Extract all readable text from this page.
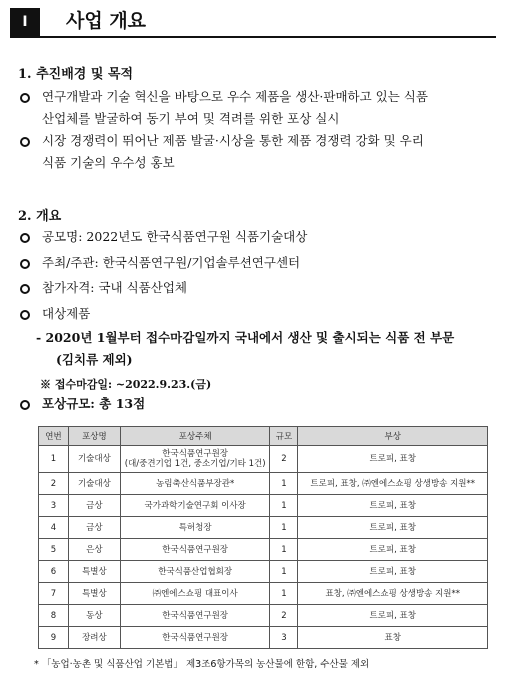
Ⅰ	사업 개요
1. 추진배경 및 목적
연구개발과 기술 혁신을 바탕으로 우수 제품을 생산·판매하고 있는 식품
산업체를 발굴하여 동기 부여 및 격려를 위한 포상 실시
시장 경쟁력이 뛰어난 제품 발굴·시상을 통한 제품 경쟁력 강화 및 우리
식품 기술의 우수성 홍보
2. 개요
공모명: 2022년도 한국식품연구원 식품기술대상
주최/주관: 한국식품연구원/기업솔루션연구센터
참가자격: 국내 식품산업체
대상제품
- 2020년 1월부터 접수마감일까지 국내에서 생산 및 출시되는 식품 전 부문
(김치류 제외)
※ 접수마감일: ~2022.9.23.(금)
포상규모: 총 13점
연번	포상명	포상주체	규모	부상
1	기술대상	한국식품연구원장
(대/중견기업 1건, 중소기업/기타 1건)	2	트로피, 표창
2	기술대상	농림축산식품부장관*	1	트로피, 표창, ㈜엔에스쇼핑 상생방송 지원**
3	금상	국가과학기술연구회 이사장	1	트로피, 표창
4	금상	특허청장	1	트로피, 표창
5	은상	한국식품연구원장	1	트로피, 표창
6	특별상	한국식품산업협회장	1	트로피, 표창
7	특별상	㈜엔에스쇼핑 대표이사	1	표창, ㈜엔에스쇼핑 상생방송 지원**
8	동상	한국식품연구원장	2	트로피, 표창
9	장려상	한국식품연구원장	3	표창
* 「농업·농촌 및 식품산업 기본법」 제3조6항가목의 농산물에 한함, 수산물 제외
